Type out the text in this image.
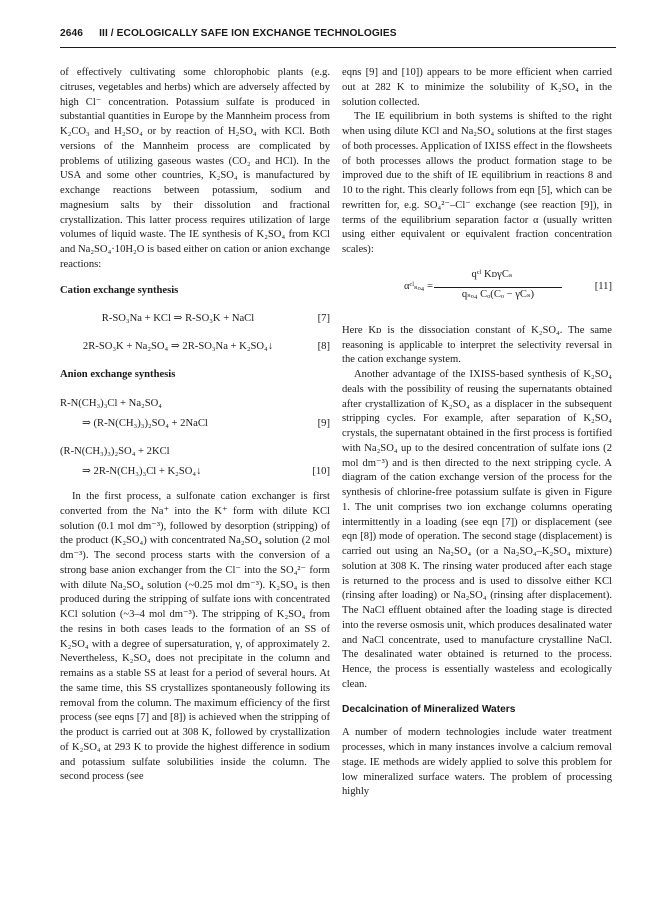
2646 III / ECOLOGICALLY SAFE ION EXCHANGE TECHNOLOGIES

of effectively cultivating some chlorophobic plants (e.g. citruses, vegetables and herbs) which are adversely affected by high Cl⁻ concentration. Potassium sulfate is produced in substantial quantities in Europe by the Mannheim process from K₂CO₃ and H₂SO₄ or by reaction of H₂SO₄ with KCl. Both versions of the Mannheim process are complicated by problems of utilizing gaseous wastes (CO₂ and HCl). In the USA and some other countries, K₂SO₄ is manufactured by exchange reactions between potassium, sodium and magnesium salts by their dissolution and fractional crystallization. This latter process requires utilization of large volumes of liquid waste. The IE synthesis of K₂SO₄ from KCl and Na₂SO₄·10H₂O is based either on cation or anion exchange reactions:

Cation exchange synthesis
R-SO₃Na + KCl ⇒ R-SO₃K + NaCl	[7]
2R-SO₃K + Na₂SO₄ ⇒ 2R-SO₃Na + K₂SO₄↓	[8]
Anion exchange synthesis
R-N(CH₃)₃Cl + Na₂SO₄
⇒ (R-N(CH₃)₃)₂SO₄ + 2NaCl	[9]
(R-N(CH₃)₃)₂SO₄ + 2KCl
⇒ 2R-N(CH₃)₃Cl + K₂SO₄↓	[10]

In the first process, a sulfonate cation exchanger is first converted from the Na⁺ into the K⁺ form with dilute KCl solution (0.1 mol dm⁻³), followed by desorption (stripping) of the product (K₂SO₄) with concentrated Na₂SO₄ solution (2 mol dm⁻³). The second process starts with the conversion of a strong base anion exchanger from the Cl⁻ into the SO₄²⁻ form with dilute Na₂SO₄ solution (~0.25 mol dm⁻³). K₂SO₄ is then produced during the stripping of sulfate ions with concentrated KCl solution (~3–4 mol dm⁻³). The stripping of K₂SO₄ from the resins in both cases leads to the formation of an SS of K₂SO₄ with a degree of supersaturation, γ, of approximately 2. Nevertheless, K₂SO₄ does not precipitate in the column and remains as a stable SS at least for a period of several hours. At the same time, this SS crystallizes spontaneously following its removal from the column. The maximum efficiency of the first process (see eqns [7] and [8]) is achieved when the stripping of the product is carried out at 308 K, followed by crystallization of K₂SO₄ at 293 K to provide the highest difference in sodium and potassium sulfate solubilities inside the column. The second process (see

eqns [9] and [10]) appears to be more efficient when carried out at 282 K to minimize the solubility of K₂SO₄ in the solution collected.

The IE equilibrium in both systems is shifted to the right when using dilute KCl and Na₂SO₄ solutions at the first stages of both processes. Application of IXISS effect in the flowsheets of both processes allows the product formation stage to be improved due to the shift of IE equilibrium in reactions 8 and 10 to the right. This clearly follows from eqn [5], which can be rewritten for, e.g. SO₄²⁻–Cl⁻ exchange (see reaction [9]), in terms of the equilibrium separation factor α (usually written using either equivalent or equivalent fraction concentration scales):

αᶜˡₛₒ₄ =
qᶜˡ KᴅγCₛ
qₛₒ₄ Cₒ(Cₒ − γCₛ)
[11]

Here Kᴅ is the dissociation constant of K₂SO₄. The same reasoning is applicable to interpret the selectivity reversal in the cation exchange system.

Another advantage of the IXISS-based synthesis of K₂SO₄ deals with the possibility of reusing the supernatants obtained after crystallization of K₂SO₄ as a displacer in the subsequent stripping cycles. For example, after separation of K₂SO₄ crystals, the supernatant obtained in the first process is fortified with Na₂SO₄ up to the desired concentration of sulfate ions (2 mol dm⁻³) and is then directed to the next stripping cycle. A diagram of the cation exchange version of the process for the synthesis of chlorine-free potassium sulfate is given in Figure 1. The unit comprises two ion exchange columns operating intermittently in a loading (see eqn [7]) or displacement (see eqn [8]) mode of operation. The second stage (displacement) is carried out using an Na₂SO₄ (or a Na₂SO₄–K₂SO₄ mixture) solution at 308 K. The rinsing water produced after each stage is returned to the process and is used to dissolve either KCl (rinsing after loading) or Na₂SO₄ (rinsing after displacement). The NaCl effluent obtained after the loading stage is directed into the reverse osmosis unit, which produces desalinated water and NaCl concentrate, used to manufacture crystalline NaCl. The desalinated water obtained is returned to the process. Hence, the process is essentially wasteless and ecologically clean.

Decalcination of Mineralized Waters

A number of modern technologies include water treatment processes, which in many instances involve a calcium removal stage. IE methods are widely applied to solve this problem for low mineralized surface waters. The problem of processing highly
